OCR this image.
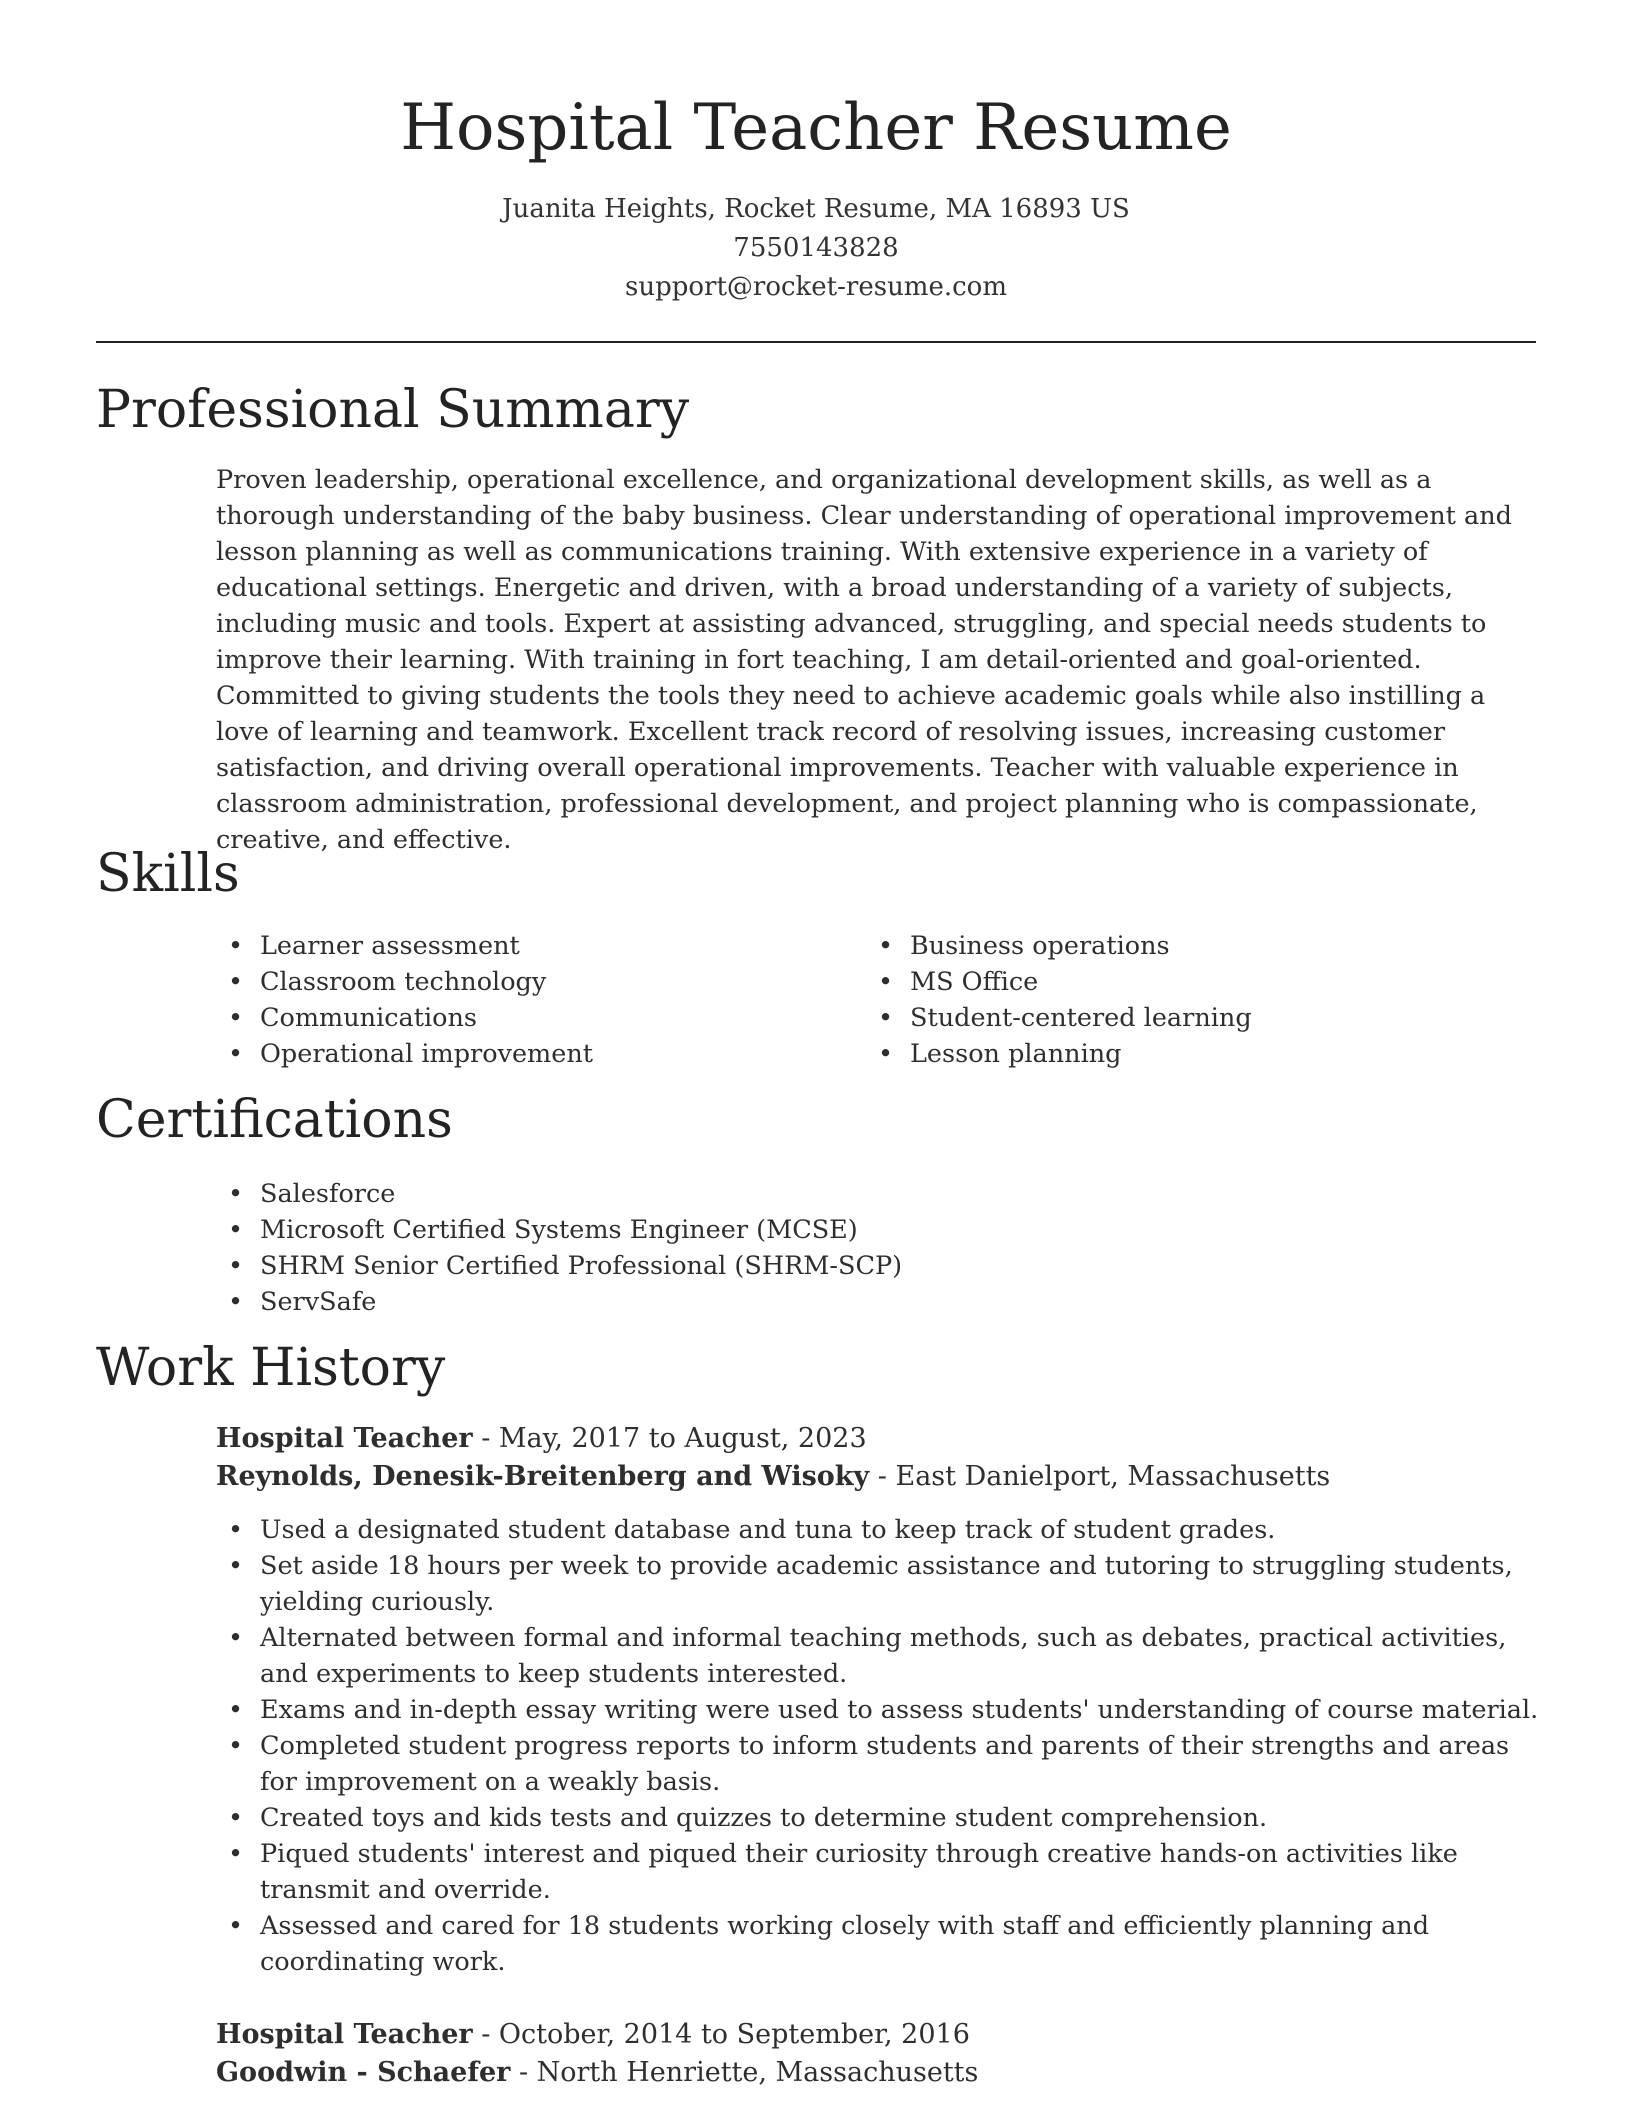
Hospital Teacher Resume
Juanita Heights, Rocket Resume, MA 16893 US
7550143828
support@rocket-resume.com
Professional Summary
Proven leadership, operational excellence, and organizational development skills, as well as a thorough understanding of the baby business. Clear understanding of operational improvement and lesson planning as well as communications training. With extensive experience in a variety of educational settings. Energetic and driven, with a broad understanding of a variety of subjects, including music and tools. Expert at assisting advanced, struggling, and special needs students to improve their learning. With training in fort teaching, I am detail-oriented and goal-oriented. Committed to giving students the tools they need to achieve academic goals while also instilling a love of learning and teamwork. Excellent track record of resolving issues, increasing customer satisfaction, and driving overall operational improvements. Teacher with valuable experience in classroom administration, professional development, and project planning who is compassionate, creative, and effective.
Skills
• Learner assessment
• Classroom technology
• Communications
• Operational improvement
• Business operations
• MS Office
• Student-centered learning
• Lesson planning
Certifications
• Salesforce
• Microsoft Certified Systems Engineer (MCSE)
• SHRM Senior Certified Professional (SHRM-SCP)
• ServSafe
Work History
Hospital Teacher - May, 2017 to August, 2023
Reynolds, Denesik-Breitenberg and Wisoky - East Danielport, Massachusetts
• Used a designated student database and tuna to keep track of student grades.
• Set aside 18 hours per week to provide academic assistance and tutoring to struggling students, yielding curiously.
• Alternated between formal and informal teaching methods, such as debates, practical activities, and experiments to keep students interested.
• Exams and in-depth essay writing were used to assess students' understanding of course material.
• Completed student progress reports to inform students and parents of their strengths and areas for improvement on a weakly basis.
• Created toys and kids tests and quizzes to determine student comprehension.
• Piqued students' interest and piqued their curiosity through creative hands-on activities like transmit and override.
• Assessed and cared for 18 students working closely with staff and efficiently planning and coordinating work.
Hospital Teacher - October, 2014 to September, 2016
Goodwin - Schaefer - North Henriette, Massachusetts
